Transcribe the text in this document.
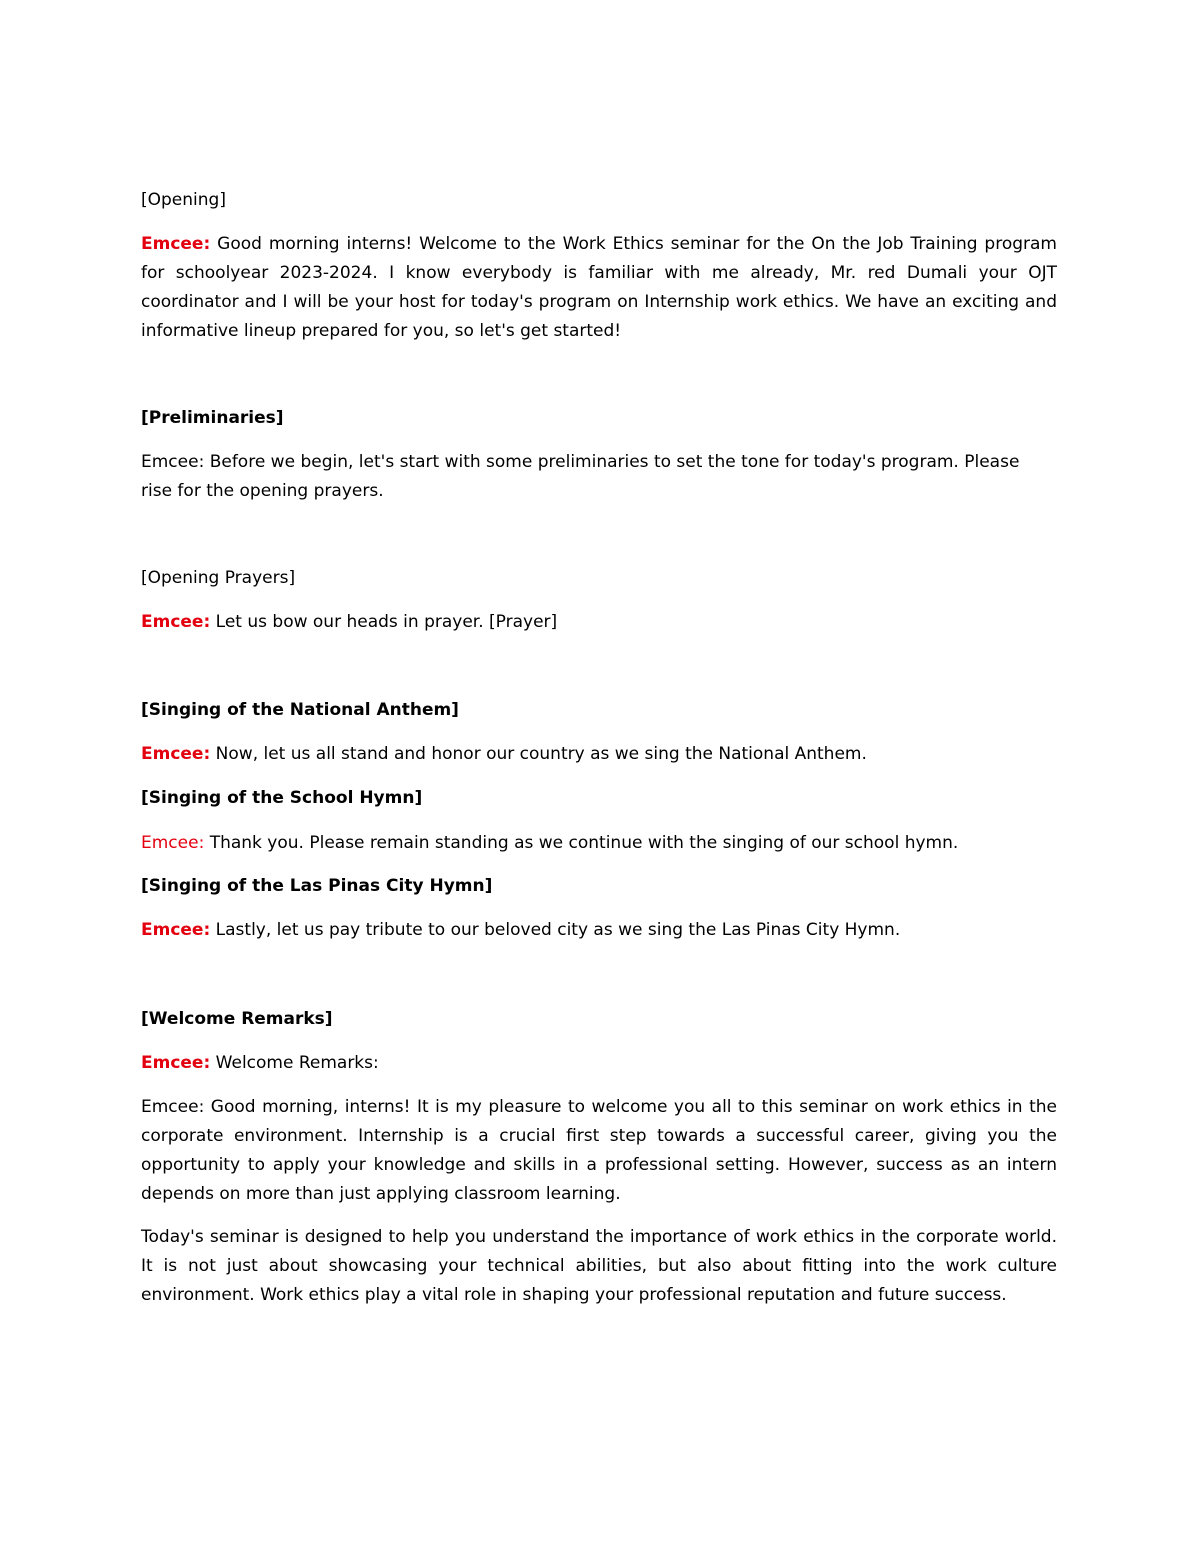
[Opening]
Emcee: Good morning interns! Welcome to the Work Ethics seminar for the On the Job Training program for schoolyear 2023-2024. I know everybody is familiar with me already, Mr. red Dumali your OJT coordinator and I will be your host for today's program on Internship work ethics. We have an exciting and informative lineup prepared for you, so let's get started!
[Preliminaries]
Emcee: Before we begin, let's start with some preliminaries to set the tone for today's program. Please rise for the opening prayers.
[Opening Prayers]
Emcee: Let us bow our heads in prayer. [Prayer]
[Singing of the National Anthem]
Emcee: Now, let us all stand and honor our country as we sing the National Anthem.
[Singing of the School Hymn]
Emcee: Thank you. Please remain standing as we continue with the singing of our school hymn.
[Singing of the Las Pinas City Hymn]
Emcee: Lastly, let us pay tribute to our beloved city as we sing the Las Pinas City Hymn.
[Welcome Remarks]
Emcee: Welcome Remarks:
Emcee: Good morning, interns! It is my pleasure to welcome you all to this seminar on work ethics in the corporate environment. Internship is a crucial first step towards a successful career, giving you the opportunity to apply your knowledge and skills in a professional setting. However, success as an intern depends on more than just applying classroom learning.
Today's seminar is designed to help you understand the importance of work ethics in the corporate world. It is not just about showcasing your technical abilities, but also about fitting into the work culture environment. Work ethics play a vital role in shaping your professional reputation and future success.
